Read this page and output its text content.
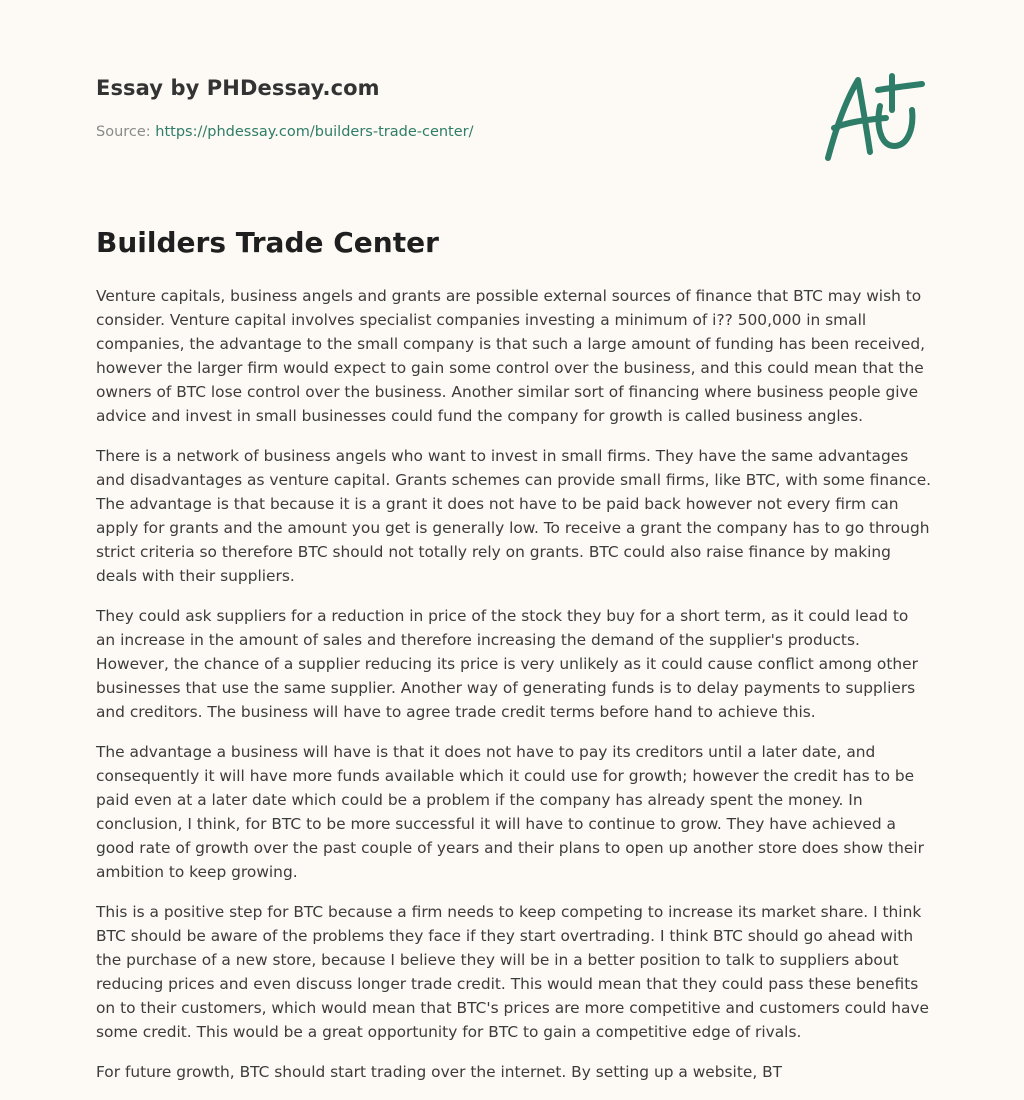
Essay by PHDessay.com
Source: https://phdessay.com/builders-trade-center/
Builders Trade Center

Venture capitals, business angels and grants are possible external sources of finance that BTC may wish to consider. Venture capital involves specialist companies investing a minimum of i?? 500,000 in small companies, the advantage to the small company is that such a large amount of funding has been received, however the larger firm would expect to gain some control over the business, and this could mean that the owners of BTC lose control over the business. Another similar sort of financing where business people give advice and invest in small businesses could fund the company for growth is called business angles.

There is a network of business angels who want to invest in small firms. They have the same advantages and disadvantages as venture capital. Grants schemes can provide small firms, like BTC, with some finance. The advantage is that because it is a grant it does not have to be paid back however not every firm can apply for grants and the amount you get is generally low. To receive a grant the company has to go through strict criteria so therefore BTC should not totally rely on grants. BTC could also raise finance by making deals with their suppliers.

They could ask suppliers for a reduction in price of the stock they buy for a short term, as it could lead to an increase in the amount of sales and therefore increasing the demand of the supplier's products. However, the chance of a supplier reducing its price is very unlikely as it could cause conflict among other businesses that use the same supplier. Another way of generating funds is to delay payments to suppliers and creditors. The business will have to agree trade credit terms before hand to achieve this.

The advantage a business will have is that it does not have to pay its creditors until a later date, and consequently it will have more funds available which it could use for growth; however the credit has to be paid even at a later date which could be a problem if the company has already spent the money. In conclusion, I think, for BTC to be more successful it will have to continue to grow. They have achieved a good rate of growth over the past couple of years and their plans to open up another store does show their ambition to keep growing.

This is a positive step for BTC because a firm needs to keep competing to increase its market share. I think BTC should be aware of the problems they face if they start overtrading. I think BTC should go ahead with the purchase of a new store, because I believe they will be in a better position to talk to suppliers about reducing prices and even discuss longer trade credit. This would mean that they could pass these benefits on to their customers, which would mean that BTC's prices are more competitive and customers could have some credit. This would be a great opportunity for BTC to gain a competitive edge of rivals.

For future growth, BTC should start trading over the internet. By setting up a website, BT
